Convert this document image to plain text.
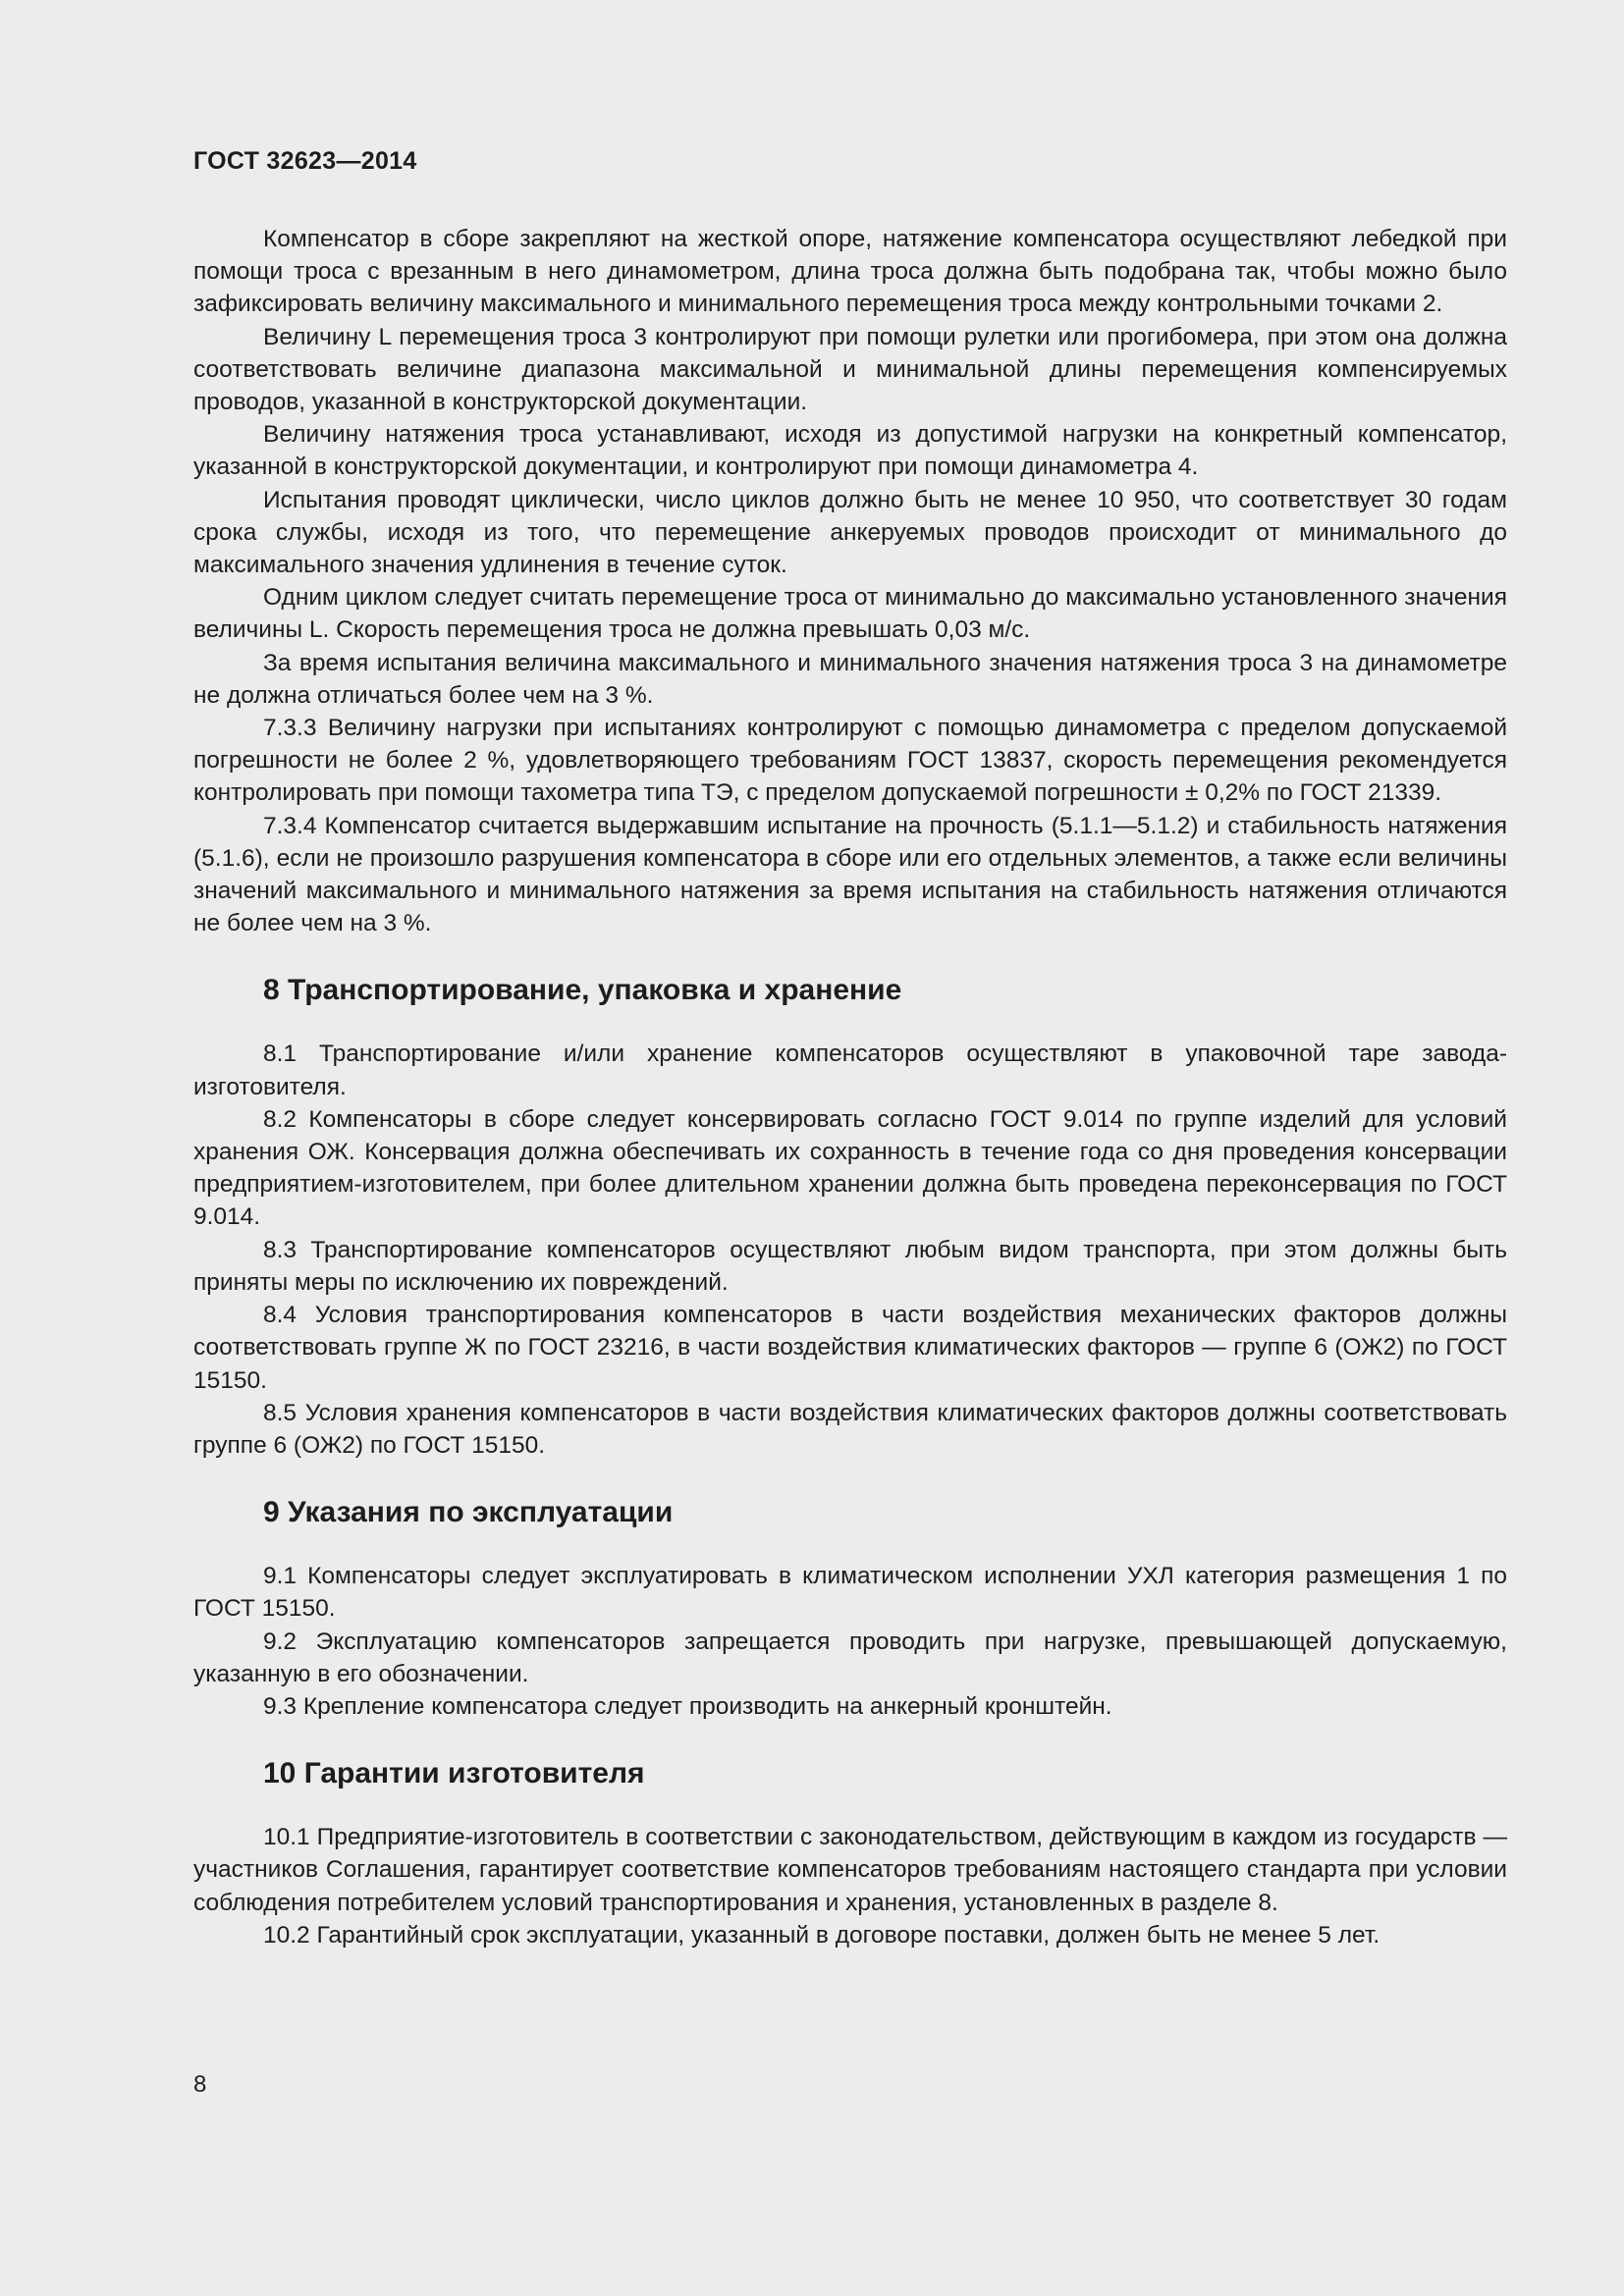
ГОСТ 32623—2014

Компенсатор в сборе закрепляют на жесткой опоре, натяжение компенсатора осуществляют лебедкой при помощи троса с врезанным в него динамометром, длина троса должна быть подобрана так, чтобы можно было зафиксировать величину максимального и минимального перемещения троса между контрольными точками 2.

Величину L перемещения троса 3 контролируют при помощи рулетки или прогибомера, при этом она должна соответствовать величине диапазона максимальной и минимальной длины перемещения компенсируемых проводов, указанной в конструкторской документации.

Величину натяжения троса устанавливают, исходя из допустимой нагрузки на конкретный компенсатор, указанной в конструкторской документации, и контролируют при помощи динамометра 4.

Испытания проводят циклически, число циклов должно быть не менее 10 950, что соответствует 30 годам срока службы, исходя из того, что перемещение анкеруемых проводов происходит от минимального до максимального значения удлинения в течение суток.

Одним циклом следует считать перемещение троса от минимально до максимально установленного значения величины L. Скорость перемещения троса не должна превышать 0,03 м/с.

За время испытания величина максимального и минимального значения натяжения троса 3 на динамометре не должна отличаться более чем на 3 %.

7.3.3 Величину нагрузки при испытаниях контролируют с помощью динамометра с пределом допускаемой погрешности не более 2 %, удовлетворяющего требованиям ГОСТ 13837, скорость перемещения рекомендуется контролировать при помощи тахометра типа ТЭ, с пределом допускаемой погрешности ± 0,2% по ГОСТ 21339.

7.3.4 Компенсатор считается выдержавшим испытание на прочность (5.1.1—5.1.2) и стабильность натяжения (5.1.6), если не произошло разрушения компенсатора в сборе или его отдельных элементов, а также если величины значений максимального и минимального натяжения за время испытания на стабильность натяжения отличаются не более чем на 3 %.

8 Транспортирование, упаковка и хранение

8.1 Транспортирование и/или хранение компенсаторов осуществляют в упаковочной таре завода-изготовителя.

8.2 Компенсаторы в сборе следует консервировать согласно ГОСТ 9.014 по группе изделий для условий хранения ОЖ. Консервация должна обеспечивать их сохранность в течение года со дня проведения консервации предприятием-изготовителем, при более длительном хранении должна быть проведена переконсервация по ГОСТ 9.014.

8.3 Транспортирование компенсаторов осуществляют любым видом транспорта, при этом должны быть приняты меры по исключению их повреждений.

8.4 Условия транспортирования компенсаторов в части воздействия механических факторов должны соответствовать группе Ж по ГОСТ 23216, в части воздействия климатических факторов — группе 6 (ОЖ2) по ГОСТ 15150.

8.5 Условия хранения компенсаторов в части воздействия климатических факторов должны соответствовать группе 6 (ОЖ2) по ГОСТ 15150.

9 Указания по эксплуатации

9.1 Компенсаторы следует эксплуатировать в климатическом исполнении УХЛ категория размещения 1 по ГОСТ 15150.

9.2 Эксплуатацию компенсаторов запрещается проводить при нагрузке, превышающей допускаемую, указанную в его обозначении.

9.3 Крепление компенсатора следует производить на анкерный кронштейн.

10 Гарантии изготовителя

10.1 Предприятие-изготовитель в соответствии с законодательством, действующим в каждом из государств — участников Соглашения, гарантирует соответствие компенсаторов требованиям настоящего стандарта при условии соблюдения потребителем условий транспортирования и хранения, установленных в разделе 8.

10.2 Гарантийный срок эксплуатации, указанный в договоре поставки, должен быть не менее 5 лет.

8
